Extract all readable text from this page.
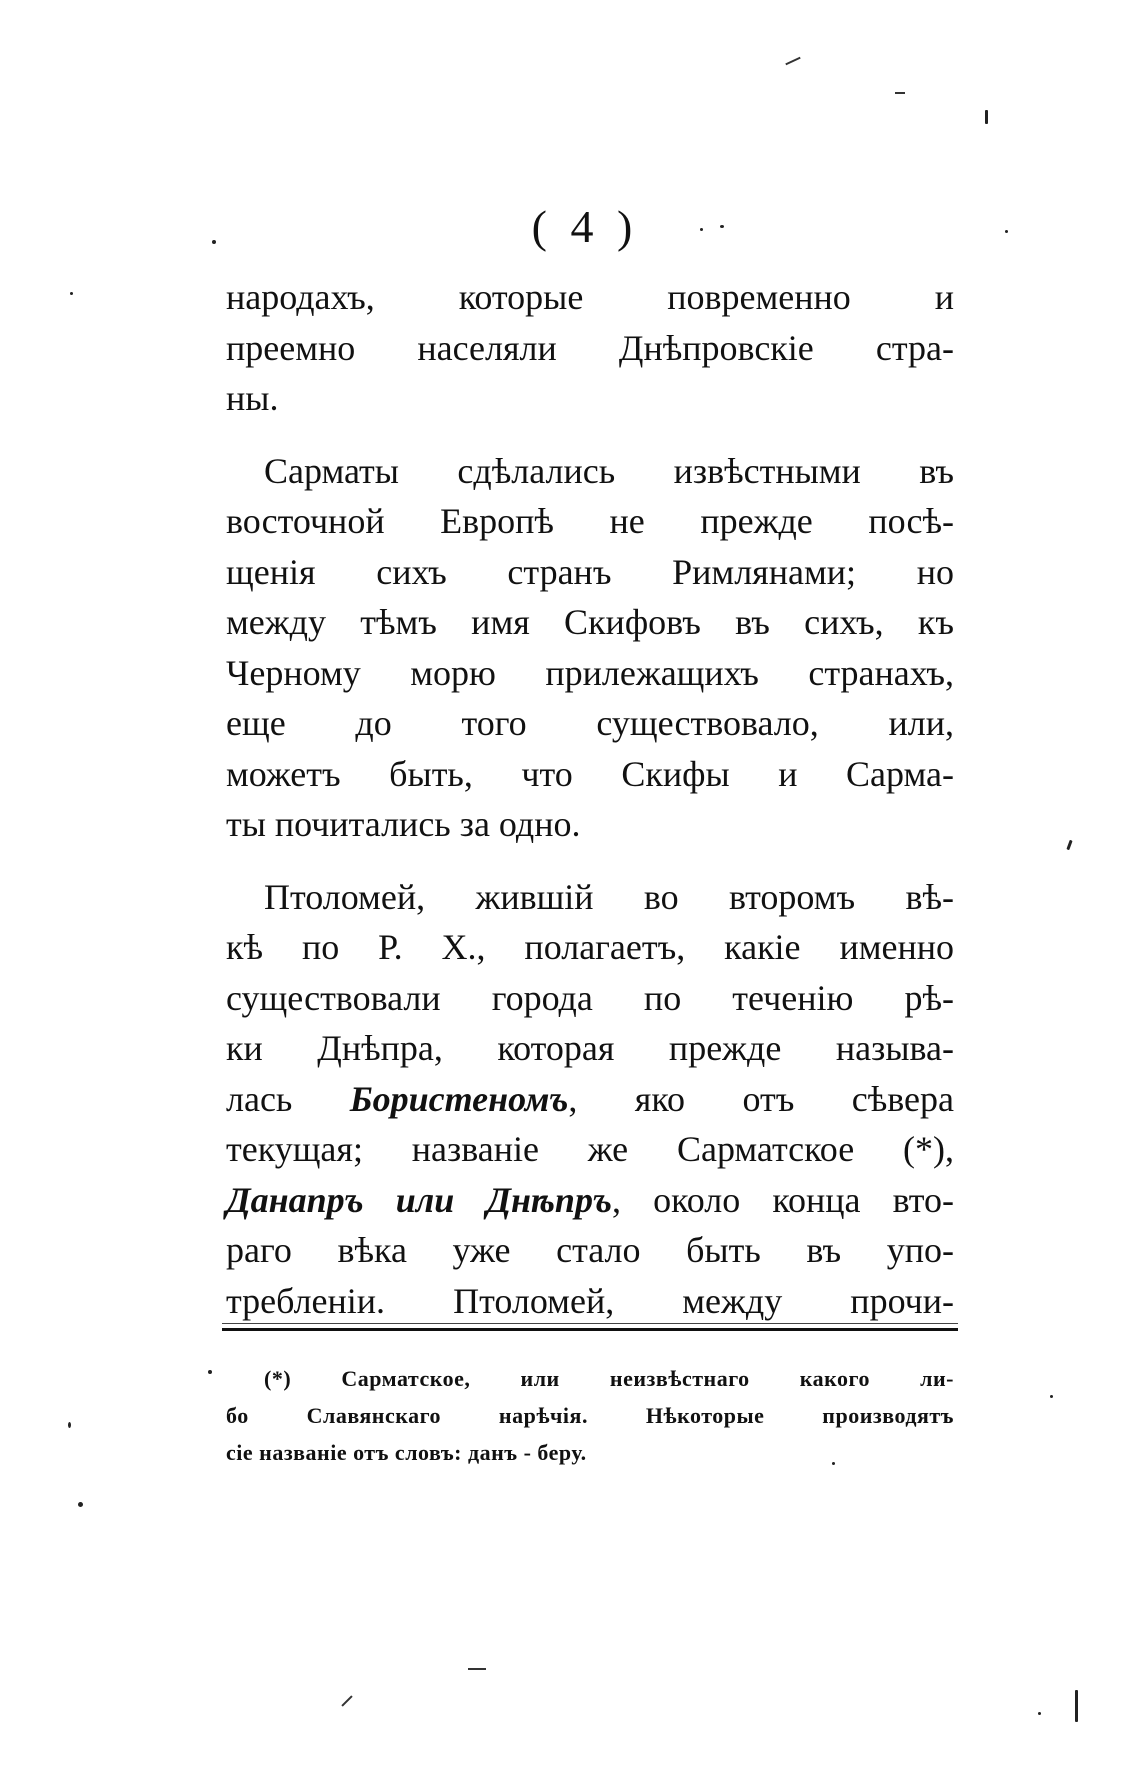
( 4 )
народахъ, которые повременно и
преемно населяли Днѣпровскіе стра-
ны.
Сарматы сдѣлались извѣстными въ
восточной Европѣ не прежде посѣ-
щенія сихъ странъ Римлянами; но
между тѣмъ имя Скифовъ въ сихъ, къ
Черному морю прилежащихъ странахъ,
еще до того существовало, или,
можетъ быть, что Скифы и Сарма-
ты почитались за одно.
Птоломей, жившій во второмъ вѣ-
кѣ по Р. Х., полагаетъ, какіе именно
существовали города по теченію рѣ-
ки Днѣпра, которая прежде называ-
лась Бористеномъ, яко отъ сѣвера
текущая; названіе же Сарматское (*),
Данапръ или Днѣпръ, около конца вто-
раго вѣка уже стало быть въ упо-
требленіи. Птоломей, между прочи-
(*) Сарматское, или неизвѣстнаго какого ли-
бо Славянскаго нарѣчія. Нѣкоторые производятъ
сіе названіе отъ словъ: данъ - беру.
